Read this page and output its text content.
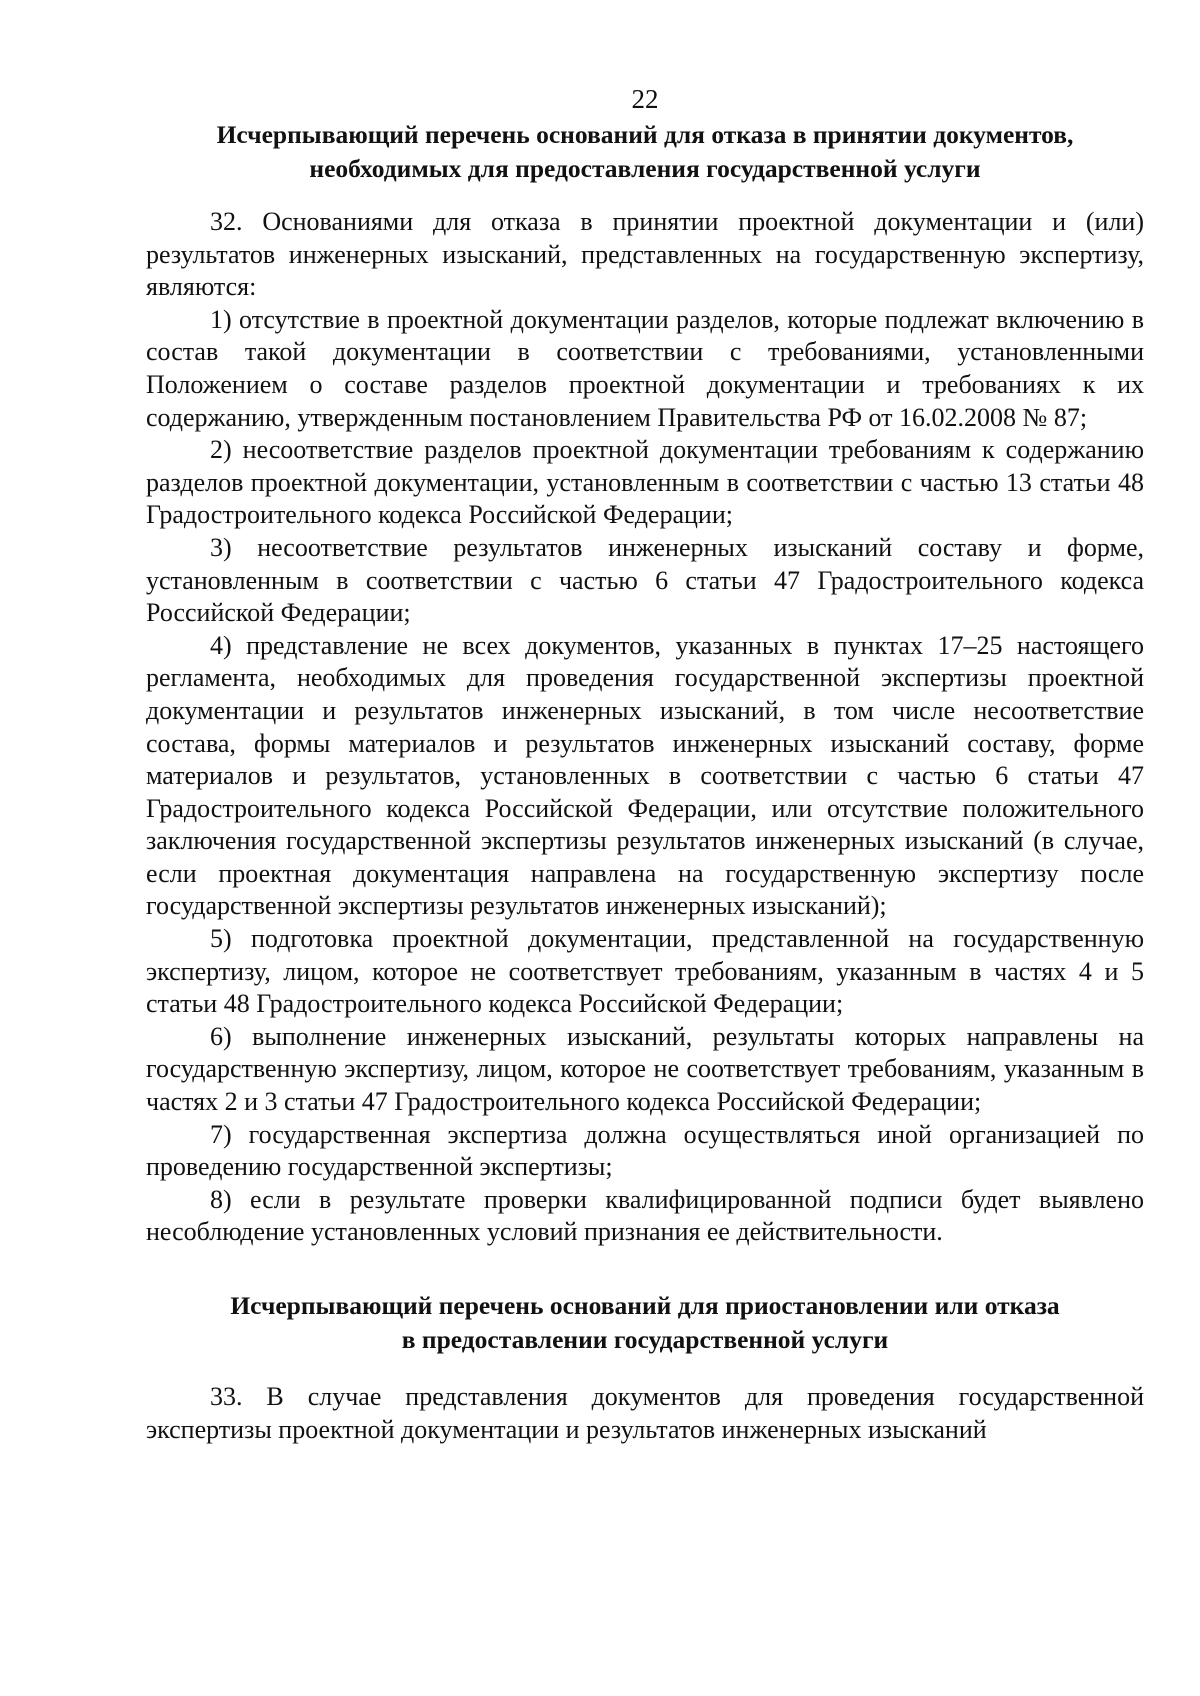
22
Исчерпывающий перечень оснований для отказа в принятии документов,
необходимых для предоставления государственной услуги

32. Основаниями для отказа в принятии проектной документации и (или) результатов инженерных изысканий, представленных на государственную экспертизу, являются:

1) отсутствие в проектной документации разделов, которые подлежат включению в состав такой документации в соответствии с требованиями, установленными Положением о составе разделов проектной документации и требованиях к их содержанию, утвержденным постановлением Правительства РФ от 16.02.2008 № 87;

2) несоответствие разделов проектной документации требованиям к содержанию разделов проектной документации, установленным в соответствии с частью 13 статьи 48 Градостроительного кодекса Российской Федерации;

3) несоответствие результатов инженерных изысканий составу и форме, установленным в соответствии с частью 6 статьи 47 Градостроительного кодекса Российской Федерации;

4) представление не всех документов, указанных в пунктах 17–25 настоящего регламента, необходимых для проведения государственной экспертизы проектной документации и результатов инженерных изысканий, в том числе несоответствие состава, формы материалов и результатов инженерных изысканий составу, форме материалов и результатов, установленных в соответствии с частью 6 статьи 47 Градостроительного кодекса Российской Федерации, или отсутствие положительного заключения государственной экспертизы результатов инженерных изысканий (в случае, если проектная документация направлена на государственную экспертизу после государственной экспертизы результатов инженерных изысканий);

5) подготовка проектной документации, представленной на государственную экспертизу, лицом, которое не соответствует требованиям, указанным в частях 4 и 5 статьи 48 Градостроительного кодекса Российской Федерации;

6) выполнение инженерных изысканий, результаты которых направлены на государственную экспертизу, лицом, которое не соответствует требованиям, указанным в частях 2 и 3 статьи 47 Градостроительного кодекса Российской Федерации;

7) государственная экспертиза должна осуществляться иной организацией по проведению государственной экспертизы;

8) если в результате проверки квалифицированной подписи будет выявлено несоблюдение установленных условий признания ее действительности.

Исчерпывающий перечень оснований для приостановлении или отказа
в предоставлении государственной услуги

33. В случае представления документов для проведения государственной экспертизы проектной документации и результатов инженерных изысканий
